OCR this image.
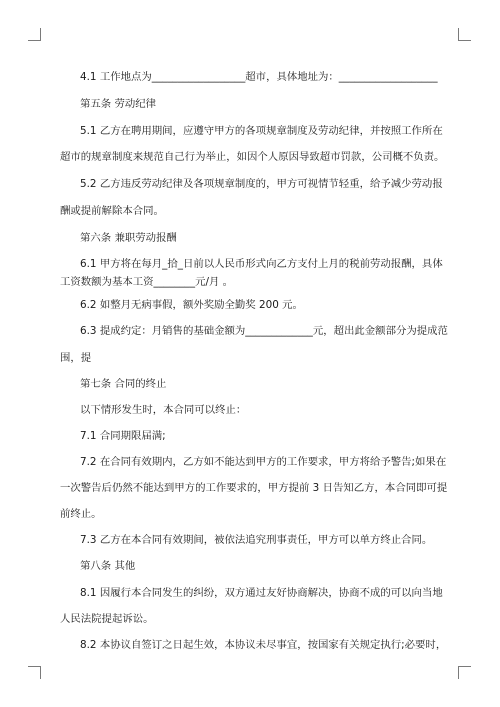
4.1 工作地点为__________________超市，具体地址为：___________________
第五条 劳动纪律
5.1 乙方在聘用期间，应遵守甲方的各项规章制度及劳动纪律，并按照工作所在
超市的规章制度来规范自己行为举止，如因个人原因导致超市罚款，公司概不负责。
5.2 乙方违反劳动纪律及各项规章制度的，甲方可视情节轻重，给予减少劳动报
酬或提前解除本合同。
第六条 兼职劳动报酬
6.1 甲方将在每月_拾_日前以人民币形式向乙方支付上月的税前劳动报酬，具体
工资数额为基本工资________元/月 。
6.2 如整月无病事假，额外奖励全勤奖 200 元。
6.3 提成约定：月销售的基础金额为_____________元，超出此金额部分为提成范
围，提
第七条 合同的终止
以下情形发生时，本合同可以终止：
7.1 合同期限届满;
7.2 在合同有效期内，乙方如不能达到甲方的工作要求，甲方将给予警告;如果在
一次警告后仍然不能达到甲方的工作要求的，甲方提前 3 日告知乙方，本合同即可提
前终止。
7.3 乙方在本合同有效期间，被依法追究刑事责任，甲方可以单方终止合同。
第八条 其他
8.1 因履行本合同发生的纠纷，双方通过友好协商解决，协商不成的可以向当地
人民法院提起诉讼。
8.2 本协议自签订之日起生效，本协议未尽事宜，按国家有关规定执行;必要时，
